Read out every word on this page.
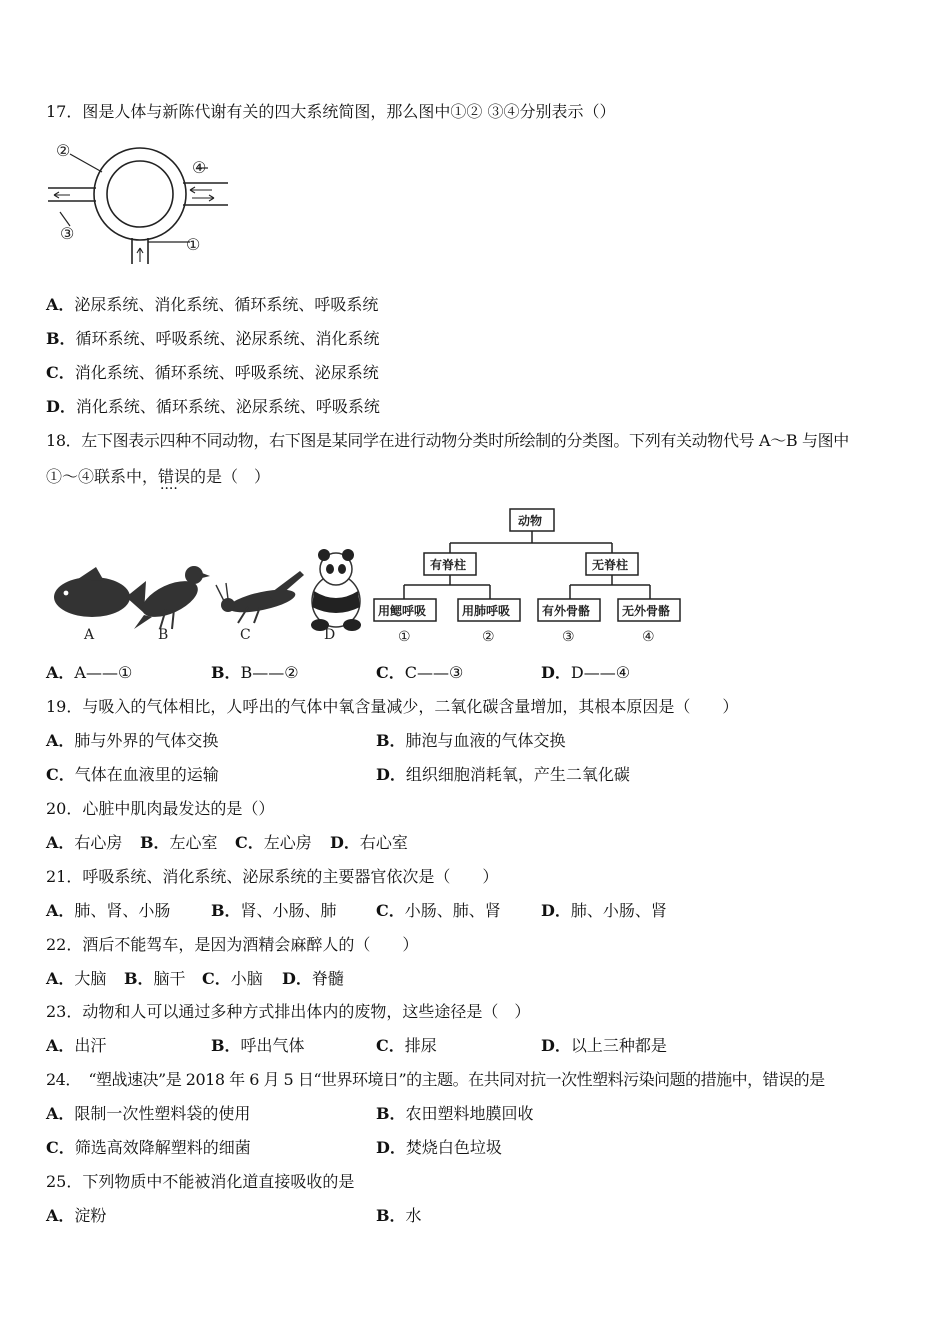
17．图是人体与新陈代谢有关的四大系统简图，那么图中①② ③④分别表示（）
②
④
③
①
A．泌尿系统、消化系统、循环系统、呼吸系统
B．循环系统、呼吸系统、泌尿系统、消化系统
C．消化系统、循环系统、呼吸系统、泌尿系统
D．消化系统、循环系统、泌尿系统、呼吸系统
18．左下图表示四种不同动物，右下图是某同学在进行动物分类时所绘制的分类图。下列有关动物代号 A～B 与图中
①～④联系中，错误 ····的是（　）
A	B	C	D
动物
有脊柱	无脊柱
用鳃呼吸	用肺呼吸	有外骨骼	无外骨骼
①	②	③	④
A．A——①	B．B——②	C．C——③	D．D——④
19．与吸入的气体相比，人呼出的气体中氧含量减少，二氧化碳含量增加，其根本原因是（　　）
A．肺与外界的气体交换	B．肺泡与血液的气体交换
C．气体在血液里的运输	D．组织细胞消耗氧，产生二氧化碳
20．心脏中肌肉最发达的是（）
A．右心房 B．左心室 C．左心房 D．右心室
21．呼吸系统、消化系统、泌尿系统的主要器官依次是（　　）
A．肺、肾、小肠	B．肾、小肠、肺 C．小肠、肺、肾	D．肺、小肠、肾
22．酒后不能驾车，是因为酒精会麻醉人的（　　）
A．大脑 B．脑干 C．小脑 D．脊髓
23．动物和人可以通过多种方式排出体内的废物，这些途径是（　）
A．出汗	B．呼出气体	C．排尿	D．以上三种都是
24．　“塑战速决”是 2018 年 6 月 5 日“世界环境日”的主题。在共同对抗一次性塑料污染问题的措施中，错误的是
A．限制一次性塑料袋的使用	B．农田塑料地膜回收
C．筛选高效降解塑料的细菌	D．焚烧白色垃圾
25．下列物质中不能被消化道直接吸收的是
A．淀粉	B．水
